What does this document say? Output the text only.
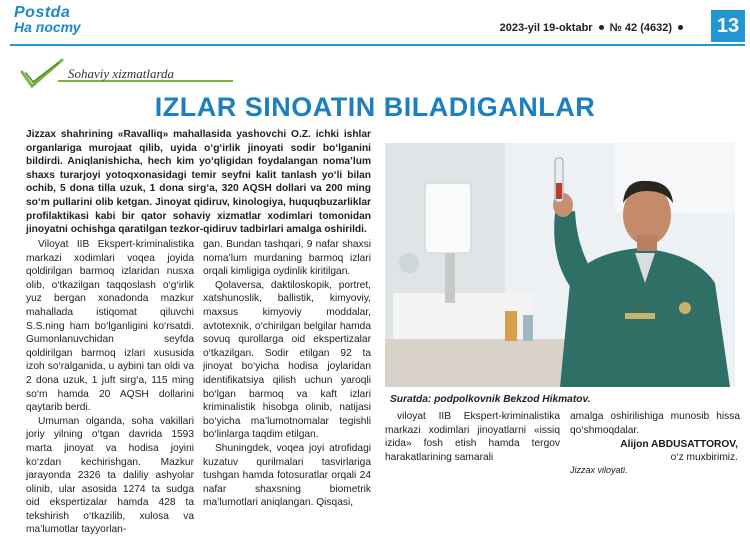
Postda
На посту	2023-yil 19-oktabr № 42 (4632)	13
Sohaviy xizmatlarda
IZLAR SINOATIN BILADIGANLAR
Jizzax shahrining «Ravalliq» mahallasida yashovchi O.Z. ichki ishlar organlariga murojaat qilib, uyida o‘g‘irlik jinoyati sodir bo‘lganini bildirdi. Aniqlanishicha, hech kim yo‘qligidan foydalangan noma’lum shaxs turarjoyi yotoqxonasidagi temir seyfni kalit tanlash yo‘li bilan ochib, 5 dona tilla uzuk, 1 dona sirg‘a, 320 AQSH dollari va 200 ming so‘m pullarini olib ketgan. Jinoyat qidiruv, kinologiya, huquqbuzarliklar profilaktikasi kabi bir qator sohaviy xizmatlar xodimlari tomonidan jinoyatni ochishga qaratilgan tezkor-qidiruv tadbirlari amalga oshirildi.

Viloyat IIB Ekspert-kriminalistika markazi xodimlari voqea joyida qoldirilgan barmoq izlaridan nusxa olib, o‘tkazilgan taqqoslash o‘g‘irlik yuz bergan xonadonda mazkur mahallada istiqomat qiluvchi S.S.ning ham bo‘lganligini ko‘rsatdi. Gumonlanuvchidan seyfda qoldirilgan barmoq izlari xususida izoh so‘ralganida, u aybini tan oldi va 2 dona uzuk, 1 juft sirg‘a, 115 ming so‘m hamda 20 AQSH dollarini qaytarib berdi.

Umuman olganda, soha vakillari joriy yilning o‘tgan davrida 1593 marta jinoyat va hodisa joyini ko‘zdan kechirishgan. Mazkur jarayonda 2326 ta daliliy ashyolar olinib, ular asosida 1274 ta sudga oid ekspertizalar hamda 428 ta tekshirish o‘tkazilib, xulosa va ma’lumotlar tayyorlan-

gan. Bundan tashqari, 9 nafar shaxsi noma’lum murdaning barmoq izlari orqali kimligiga oydinlik kiritilgan.

Qolaversa, daktiloskopik, portret, xatshunoslik, ballistik, kimyoviy, maxsus kimyoviy moddalar, avtotexnik, o‘chirilgan belgilar hamda sovuq qurollarga oid ekspertizalar o‘tkazilgan. Sodir etilgan 92 ta jinoyat bo‘yicha hodisa joylaridan identifikatsiya qilish uchun yaroqli bo‘lgan barmoq va kaft izlari kriminalistik hisobga olinib, natijasi bo‘yicha ma’lumotnomalar tegishli bo‘linlarga taqdim etilgan.

Shuningdek, voqea joyi atrofidagi kuzatuv qurilmalari tasvirlariga tushgan hamda fotosuratlar orqali 24 nafar shaxsning biometrik ma’lumotlari aniqlangan. Qisqasi,

Suratda: podpolkovnik Bekzod Hikmatov.

viloyat IIB Ekspert-kriminalistika markazi xodimlari jinoyatlarni «issiq izida» fosh etish hamda tergov harakatlarining samarali

amalga oshirilishiga munosib hissa qo‘shmoqdalar.

Alijon ABDUSATTOROV,
o‘z muxbirimiz.
Jizzax viloyati.
